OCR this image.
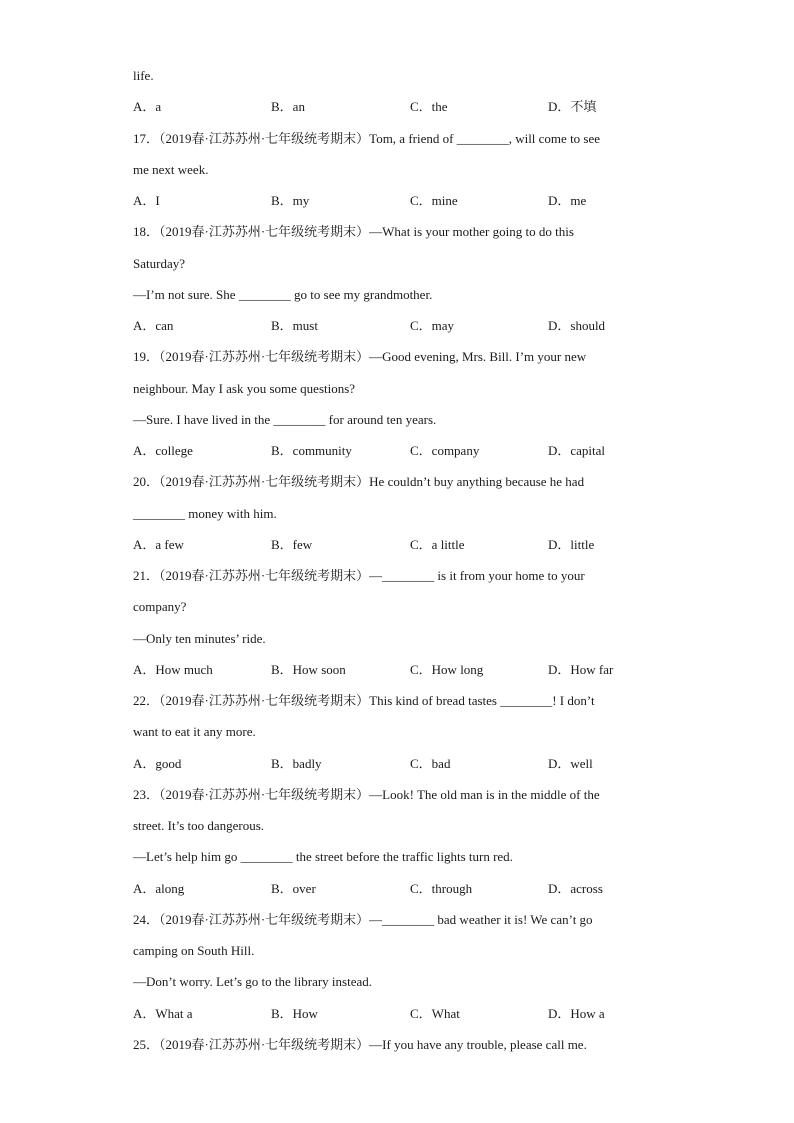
life.
A．a	B．an	C．the	D．不填
17．（2019春·江苏苏州·七年级统考期末）Tom, a friend of ________, will come to see
me next week.
A．I	B．my	C．mine	D．me
18．（2019春·江苏苏州·七年级统考期末）—What is your mother going to do this
Saturday?
—I’m not sure. She ________ go to see my grandmother.
A．can	B．must	C．may	D．should
19．（2019春·江苏苏州·七年级统考期末）—Good evening, Mrs. Bill. I’m your new
neighbour. May I ask you some questions?
—Sure. I have lived in the ________ for around ten years.
A．college	B．community	C．company	D．capital
20．（2019春·江苏苏州·七年级统考期末）He couldn’t buy anything because he had
________ money with him.
A．a few	B．few	C．a little	D．little
21．（2019春·江苏苏州·七年级统考期末）—________ is it from your home to your
company?
—Only ten minutes’ ride.
A．How much	B．How soon	C．How long	D．How far
22．（2019春·江苏苏州·七年级统考期末）This kind of bread tastes ________! I don’t
want to eat it any more.
A．good	B．badly	C．bad	D．well
23．（2019春·江苏苏州·七年级统考期末）—Look! The old man is in the middle of the
street. It’s too dangerous.
—Let’s help him go ________ the street before the traffic lights turn red.
A．along	B．over	C．through	D．across
24．（2019春·江苏苏州·七年级统考期末）—________ bad weather it is! We can’t go
camping on South Hill.
—Don’t worry. Let’s go to the library instead.
A．What a	B．How	C．What	D．How a
25．（2019春·江苏苏州·七年级统考期末）—If you have any trouble, please call me.
